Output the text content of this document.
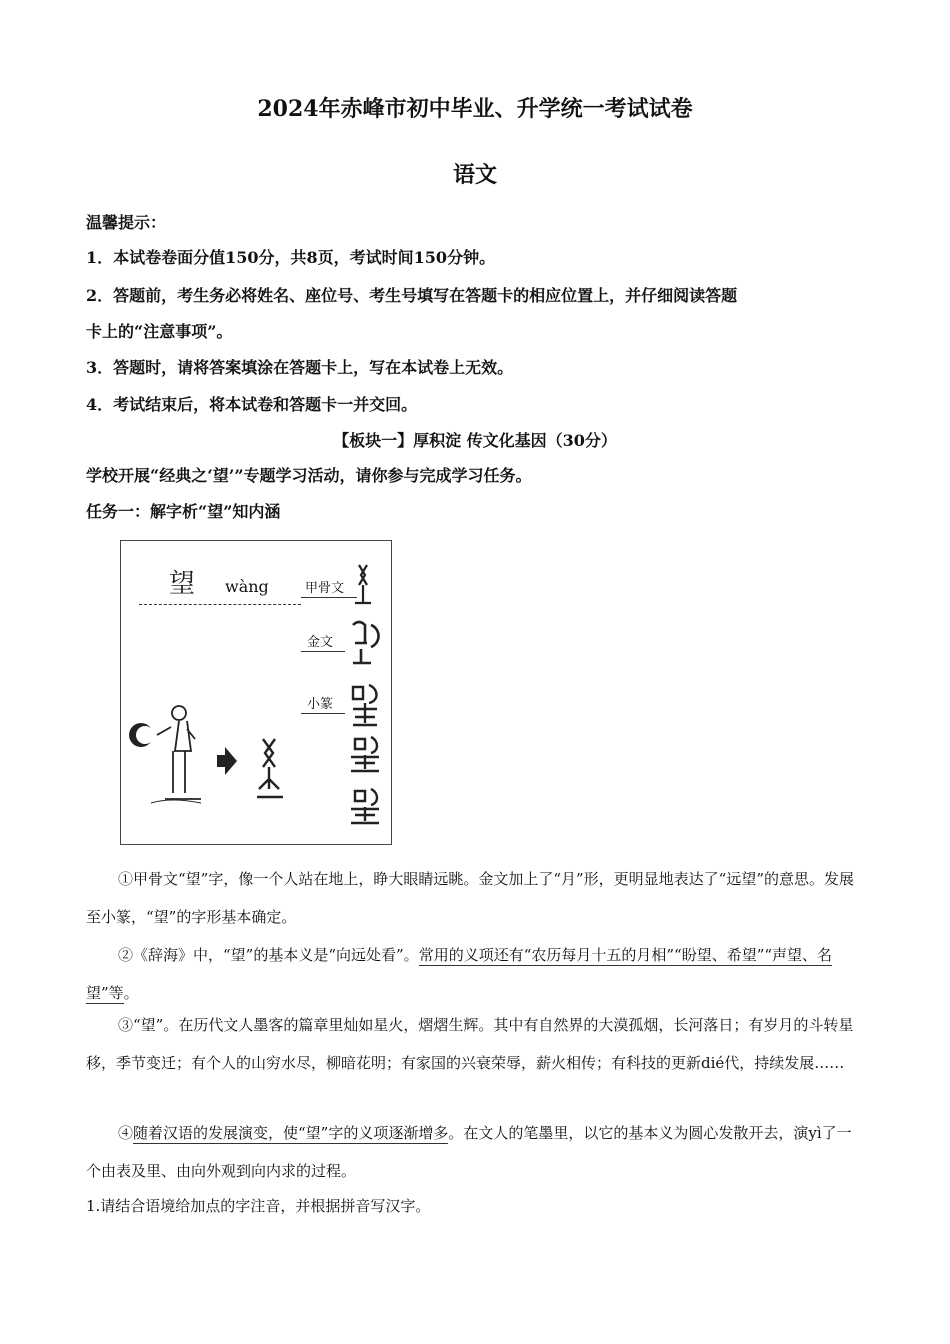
2024年赤峰市初中毕业、升学统一考试试卷
语文
温馨提示：
1．本试卷卷面分值150分，共8页，考试时间150分钟。
2．答题前，考生务必将姓名、座位号、考生号填写在答题卡的相应位置上，并仔细阅读答题
卡上的“注意事项”。
3．答题时，请将答案填涂在答题卡上，写在本试卷上无效。
4．考试结束后，将本试卷和答题卡一并交回。
【板块一】厚积淀 传文化基因（30分）
学校开展“经典之‘望’”专题学习活动，请你参与完成学习任务。
任务一：解字析“望”知内涵
望 wàng	甲骨文
金文
小篆
①甲骨文“望”字，像一个人站在地上，睁大眼睛远眺。金文加上了“月”形，更明显地表达了“远望”的意思。发展至小篆，“望”的字形基本确定。
②《辞海》中，“望”的基本义是“向远处看”。常用的义项还有“农历每月十五的月相”“盼望、希望”“声望、名望”等。
③“望”。在历代文人墨客的篇章里灿如星火，熠熠生辉。其中有自然界的大漠孤烟，长河落日；有岁月的斗转星移，季节变迁；有个人的山穷水尽，柳暗花明；有家国的兴衰荣辱，薪火相传；有科技的更新dié代，持续发展……
④随着汉语的发展演变，使“望”字的义项逐渐增多。在文人的笔墨里，以它的基本义为圆心发散开去，演yì了一个由表及里、由向外观到向内求的过程。
1.请结合语境给加点的字注音，并根据拼音写汉字。
